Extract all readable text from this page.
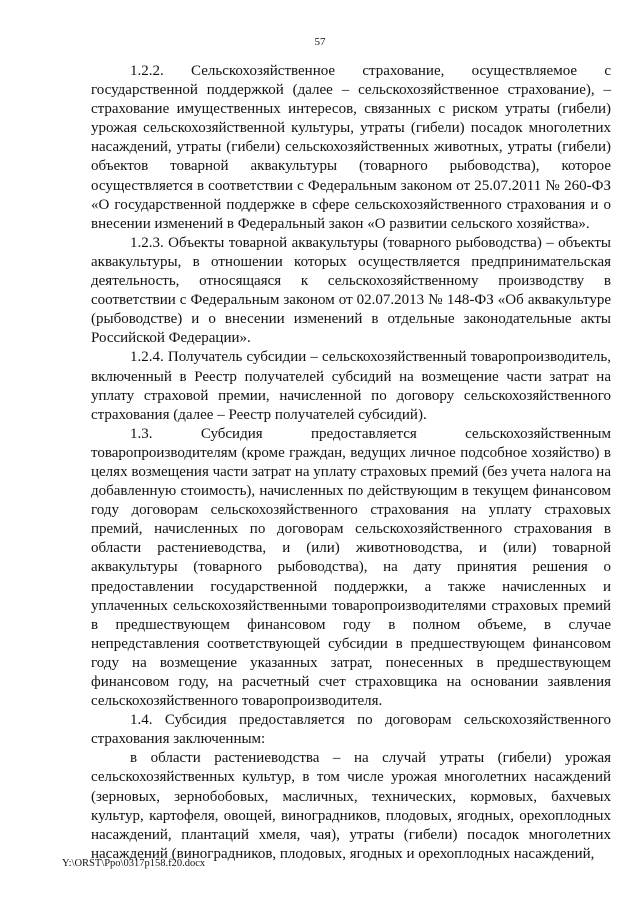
57

1.2.2. Сельскохозяйственное страхование, осуществляемое с государственной поддержкой (далее – сельскохозяйственное страхование), – страхование имущественных интересов, связанных с риском утраты (гибели) урожая сельскохозяйственной культуры, утраты (гибели) посадок многолетних насаждений, утраты (гибели) сельскохозяйственных животных, утраты (гибели) объектов товарной аквакультуры (товарного рыбоводства), которое осуществляется в соответствии с Федеральным законом от 25.07.2011 № 260-ФЗ «О государственной поддержке в сфере сельскохозяйственного страхования и о внесении изменений в Федеральный закон «О развитии сельского хозяйства».

1.2.3. Объекты товарной аквакультуры (товарного рыбоводства) – объекты аквакультуры, в отношении которых осуществляется предпринимательская деятельность, относящаяся к сельскохозяйственному производству в соответствии с Федеральным законом от 02.07.2013 № 148-ФЗ «Об аквакультуре (рыбоводстве) и о внесении изменений в отдельные законодательные акты Российской Федерации».

1.2.4. Получатель субсидии – сельскохозяйственный товаропроизводитель, включенный в Реестр получателей субсидий на возмещение части затрат на уплату страховой премии, начисленной по договору сельскохозяйственного страхования (далее – Реестр получателей субсидий).

1.3. Субсидия предоставляется сельскохозяйственным товаропроизводителям (кроме граждан, ведущих личное подсобное хозяйство) в целях возмещения части затрат на уплату страховых премий (без учета налога на добавленную стоимость), начисленных по действующим в текущем финансовом году договорам сельскохозяйственного страхования на уплату страховых премий, начисленных по договорам сельскохозяйственного страхования в области растениеводства, и (или) животноводства, и (или) товарной аквакультуры (товарного рыбоводства), на дату принятия решения о предоставлении государственной поддержки, а также начисленных и уплаченных сельскохозяйственными товаропроизводителями страховых премий в предшествующем финансовом году в полном объеме, в случае непредставления соответствующей субсидии в предшествующем финансовом году на возмещение указанных затрат, понесенных в предшествующем финансовом году, на расчетный счет страховщика на основании заявления сельскохозяйственного товаропроизводителя.

1.4. Субсидия предоставляется по договорам сельскохозяйственного страхования заключенным:

в области растениеводства – на случай утраты (гибели) урожая сельскохозяйственных культур, в том числе урожая многолетних насаждений (зерновых, зернобобовых, масличных, технических, кормовых, бахчевых культур, картофеля, овощей, виноградников, плодовых, ягодных, орехоплодных насаждений, плантаций хмеля, чая), утраты (гибели) посадок многолетних насаждений (виноградников, плодовых, ягодных и орехоплодных насаждений,

Y:\ORST\Ppo\0317p158.f20.docx
